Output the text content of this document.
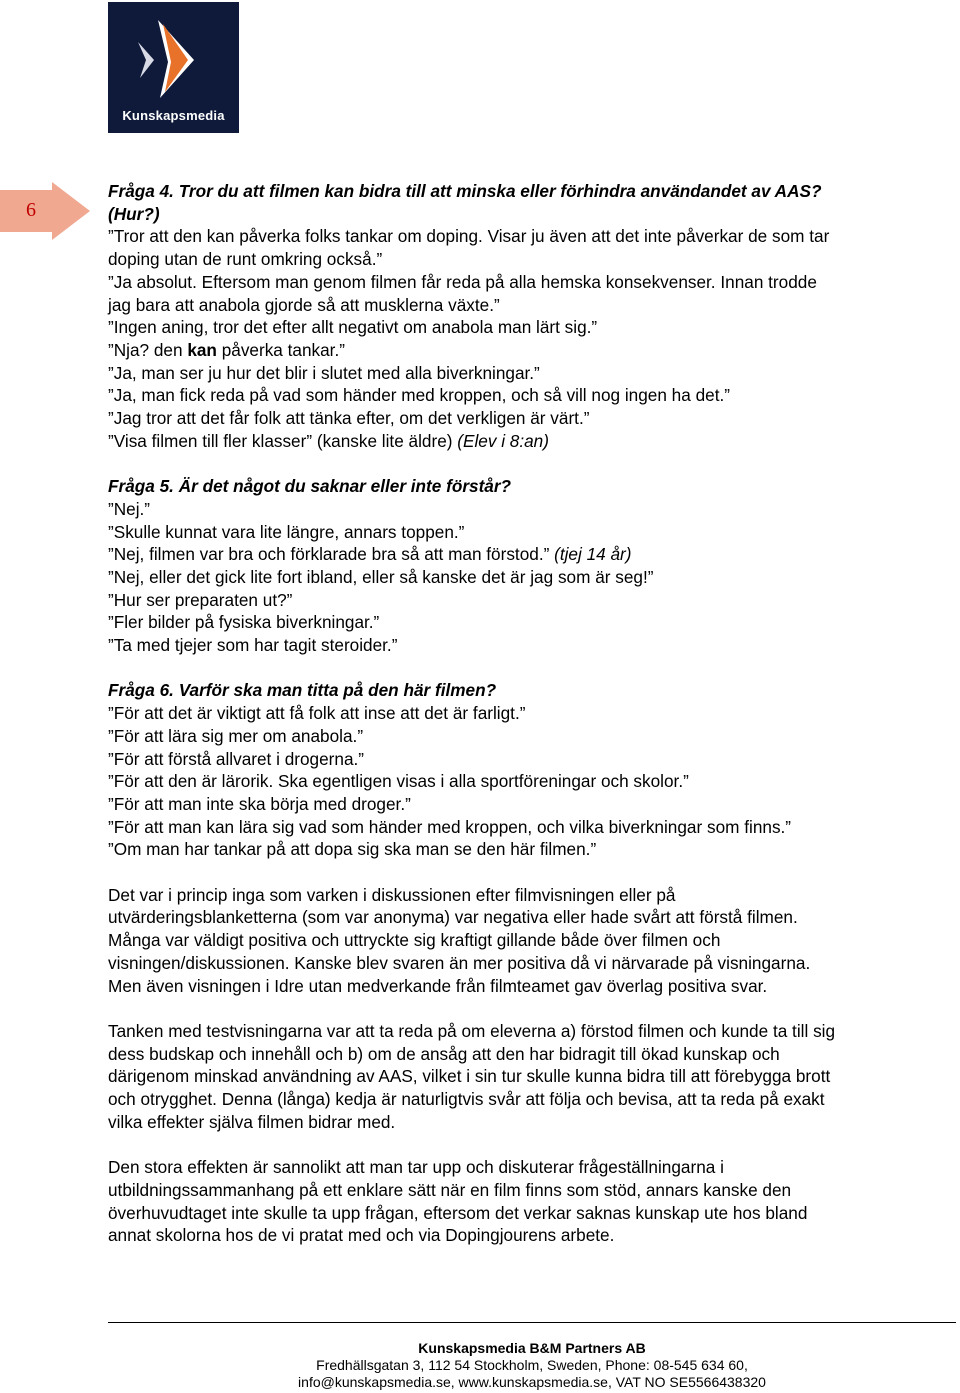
Kunskapsmedia
6
Fråga 4. Tror du att filmen kan bidra till att minska eller förhindra användandet av AAS?
(Hur?)
”Tror att den kan påverka folks tankar om doping. Visar ju även att det inte påverkar de som tar
doping utan de runt omkring också.”
”Ja absolut. Eftersom man genom filmen får reda på alla hemska konsekvenser. Innan trodde
jag bara att anabola gjorde så att musklerna växte.”
”Ingen aning, tror det efter allt negativt om anabola man lärt sig.”
”Nja? den kan påverka tankar.”
”Ja, man ser ju hur det blir i slutet med alla biverkningar.”
”Ja, man fick reda på vad som händer med kroppen, och så vill nog ingen ha det.”
”Jag tror att det får folk att tänka efter, om det verkligen är värt.”
”Visa filmen till fler klasser” (kanske lite äldre) (Elev i 8:an)
Fråga 5. Är det något du saknar eller inte förstår?
”Nej.”
”Skulle kunnat vara lite längre, annars toppen.”
”Nej, filmen var bra och förklarade bra så att man förstod.” (tjej 14 år)
”Nej, eller det gick lite fort ibland, eller så kanske det är jag som är seg!”
”Hur ser preparaten ut?”
”Fler bilder på fysiska biverkningar.”
”Ta med tjejer som har tagit steroider.”
Fråga 6. Varför ska man titta på den här filmen?
”För att det är viktigt att få folk att inse att det är farligt.”
”För att lära sig mer om anabola.”
”För att förstå allvaret i drogerna.”
”För att den är lärorik. Ska egentligen visas i alla sportföreningar och skolor.”
”För att man inte ska börja med droger.”
”För att man kan lära sig vad som händer med kroppen, och vilka biverkningar som finns.”
”Om man har tankar på att dopa sig ska man se den här filmen.”
Det var i princip inga som varken i diskussionen efter filmvisningen eller på
utvärderingsblanketterna (som var anonyma) var negativa eller hade svårt att förstå filmen.
Många var väldigt positiva och uttryckte sig kraftigt gillande både över filmen och
visningen/diskussionen. Kanske blev svaren än mer positiva då vi närvarade på visningarna.
Men även visningen i Idre utan medverkande från filmteamet gav överlag positiva svar.
Tanken med testvisningarna var att ta reda på om eleverna a) förstod filmen och kunde ta till sig
dess budskap och innehåll och b) om de ansåg att den har bidragit till ökad kunskap och
därigenom minskad användning av AAS, vilket i sin tur skulle kunna bidra till att förebygga brott
och otrygghet. Denna (långa) kedja är naturligtvis svår att följa och bevisa, att ta reda på exakt
vilka effekter själva filmen bidrar med.
Den stora effekten är sannolikt att man tar upp och diskuterar frågeställningarna i
utbildningssammanhang på ett enklare sätt när en film finns som stöd, annars kanske den
överhuvudtaget inte skulle ta upp frågan, eftersom det verkar saknas kunskap ute hos bland
annat skolorna hos de vi pratat med och via Dopingjourens arbete.
Kunskapsmedia B&M Partners AB
Fredhällsgatan 3, 112 54 Stockholm, Sweden, Phone: 08-545 634 60,
info@kunskapsmedia.se, www.kunskapsmedia.se, VAT NO SE5566438320
